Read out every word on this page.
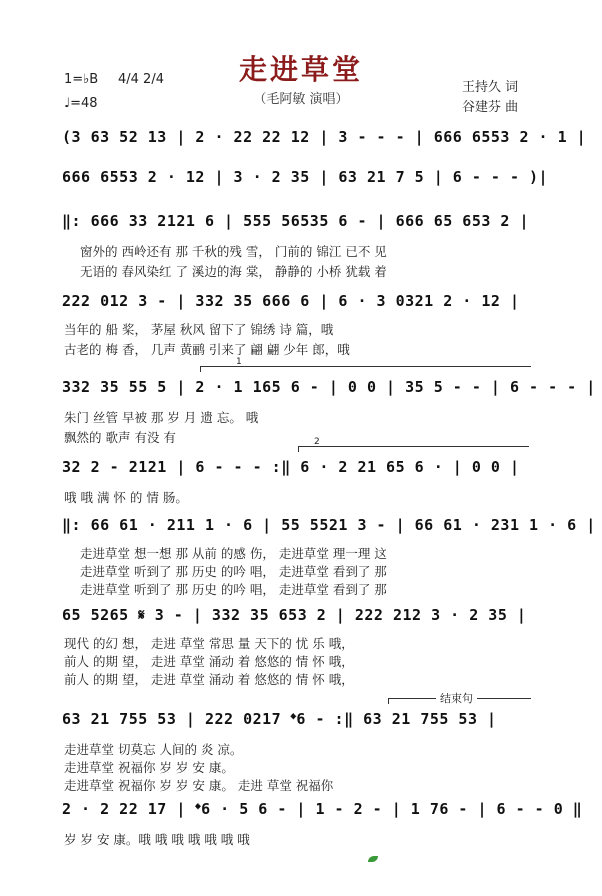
走进草堂
（毛阿敏 演唱）
1=♭B 4/4 2/4
♩=48
王持久 词
谷建芬 曲
(3 63 52 13 | 2 · 22 22 12 | 3 - - - | 666 6553 2 · 1 |
666 6553 2 · 12 | 3 · 2 35 | 63 21 7 5 | 6 - - - )|
‖: 666 33 2121 6 | 555 56535 6 - | 666 65 653 2 |
窗外的 西岭还有 那 千秋的残 雪， 门前的 锦江 已不 见
无语的 春风染红 了 溪边的海 棠， 静静的 小桥 犹载 着
222 012 3 - | 332 35 666 6 | 6 · 3 0321 2 · 12 |
当年的 船 桨， 茅屋 秋风 留下了 锦绣 诗 篇，哦
古老的 梅 香， 几声 黄鹂 引来了 翩 翩 少年 郎，哦
1
332 35 55 5 | 2 · 1 165 6 - | 0 0 | 35 5 - - | 6 - - - |
朱门 丝管 早被 那 岁 月 遗 忘。 哦
飘然的 歌声 有没 有	2
32 2 - 2121 | 6 - - - :‖ 6 · 2 21 65 6 · | 0 0 |
哦 哦 满 怀 的 情 肠。
‖: 66 61 · 211 1 · 6 | 55 5521 3 - | 66 61 · 231 1 · 6 |
走进草堂 想一想 那 从前 的感 伤， 走进草堂 理一理 这
走进草堂 听到了 那 历史 的吟 唱， 走进草堂 看到了 那
走进草堂 听到了 那 历史 的吟 唱， 走进草堂 看到了 那
65 5265 𝄋 3 - | 332 35 653 2 | 222 212 3 · 2 35 |
现代 的幻 想， 走进 草堂 常思 量 天下的 忧 乐 哦，
前人 的期 望， 走进 草堂 涌动 着 悠悠的 情 怀 哦，
前人 的期 望， 走进 草堂 涌动 着 悠悠的 情 怀 哦，
结束句
63 21 755 53 | 222 0217 𝄌6 - :‖ 63 21 755 53 |
走进草堂 切莫忘 人间的 炎 凉。
走进草堂 祝福你 岁 岁 安 康。
走进草堂 祝福你 岁 岁 安 康。 走进 草堂 祝福你
2 · 2 22 17 | 𝄌6 · 5 6 - | 1 - 2 - | 1 76 - | 6 - - 0 ‖
岁 岁 安 康。哦 哦 哦 哦 哦 哦 哦
